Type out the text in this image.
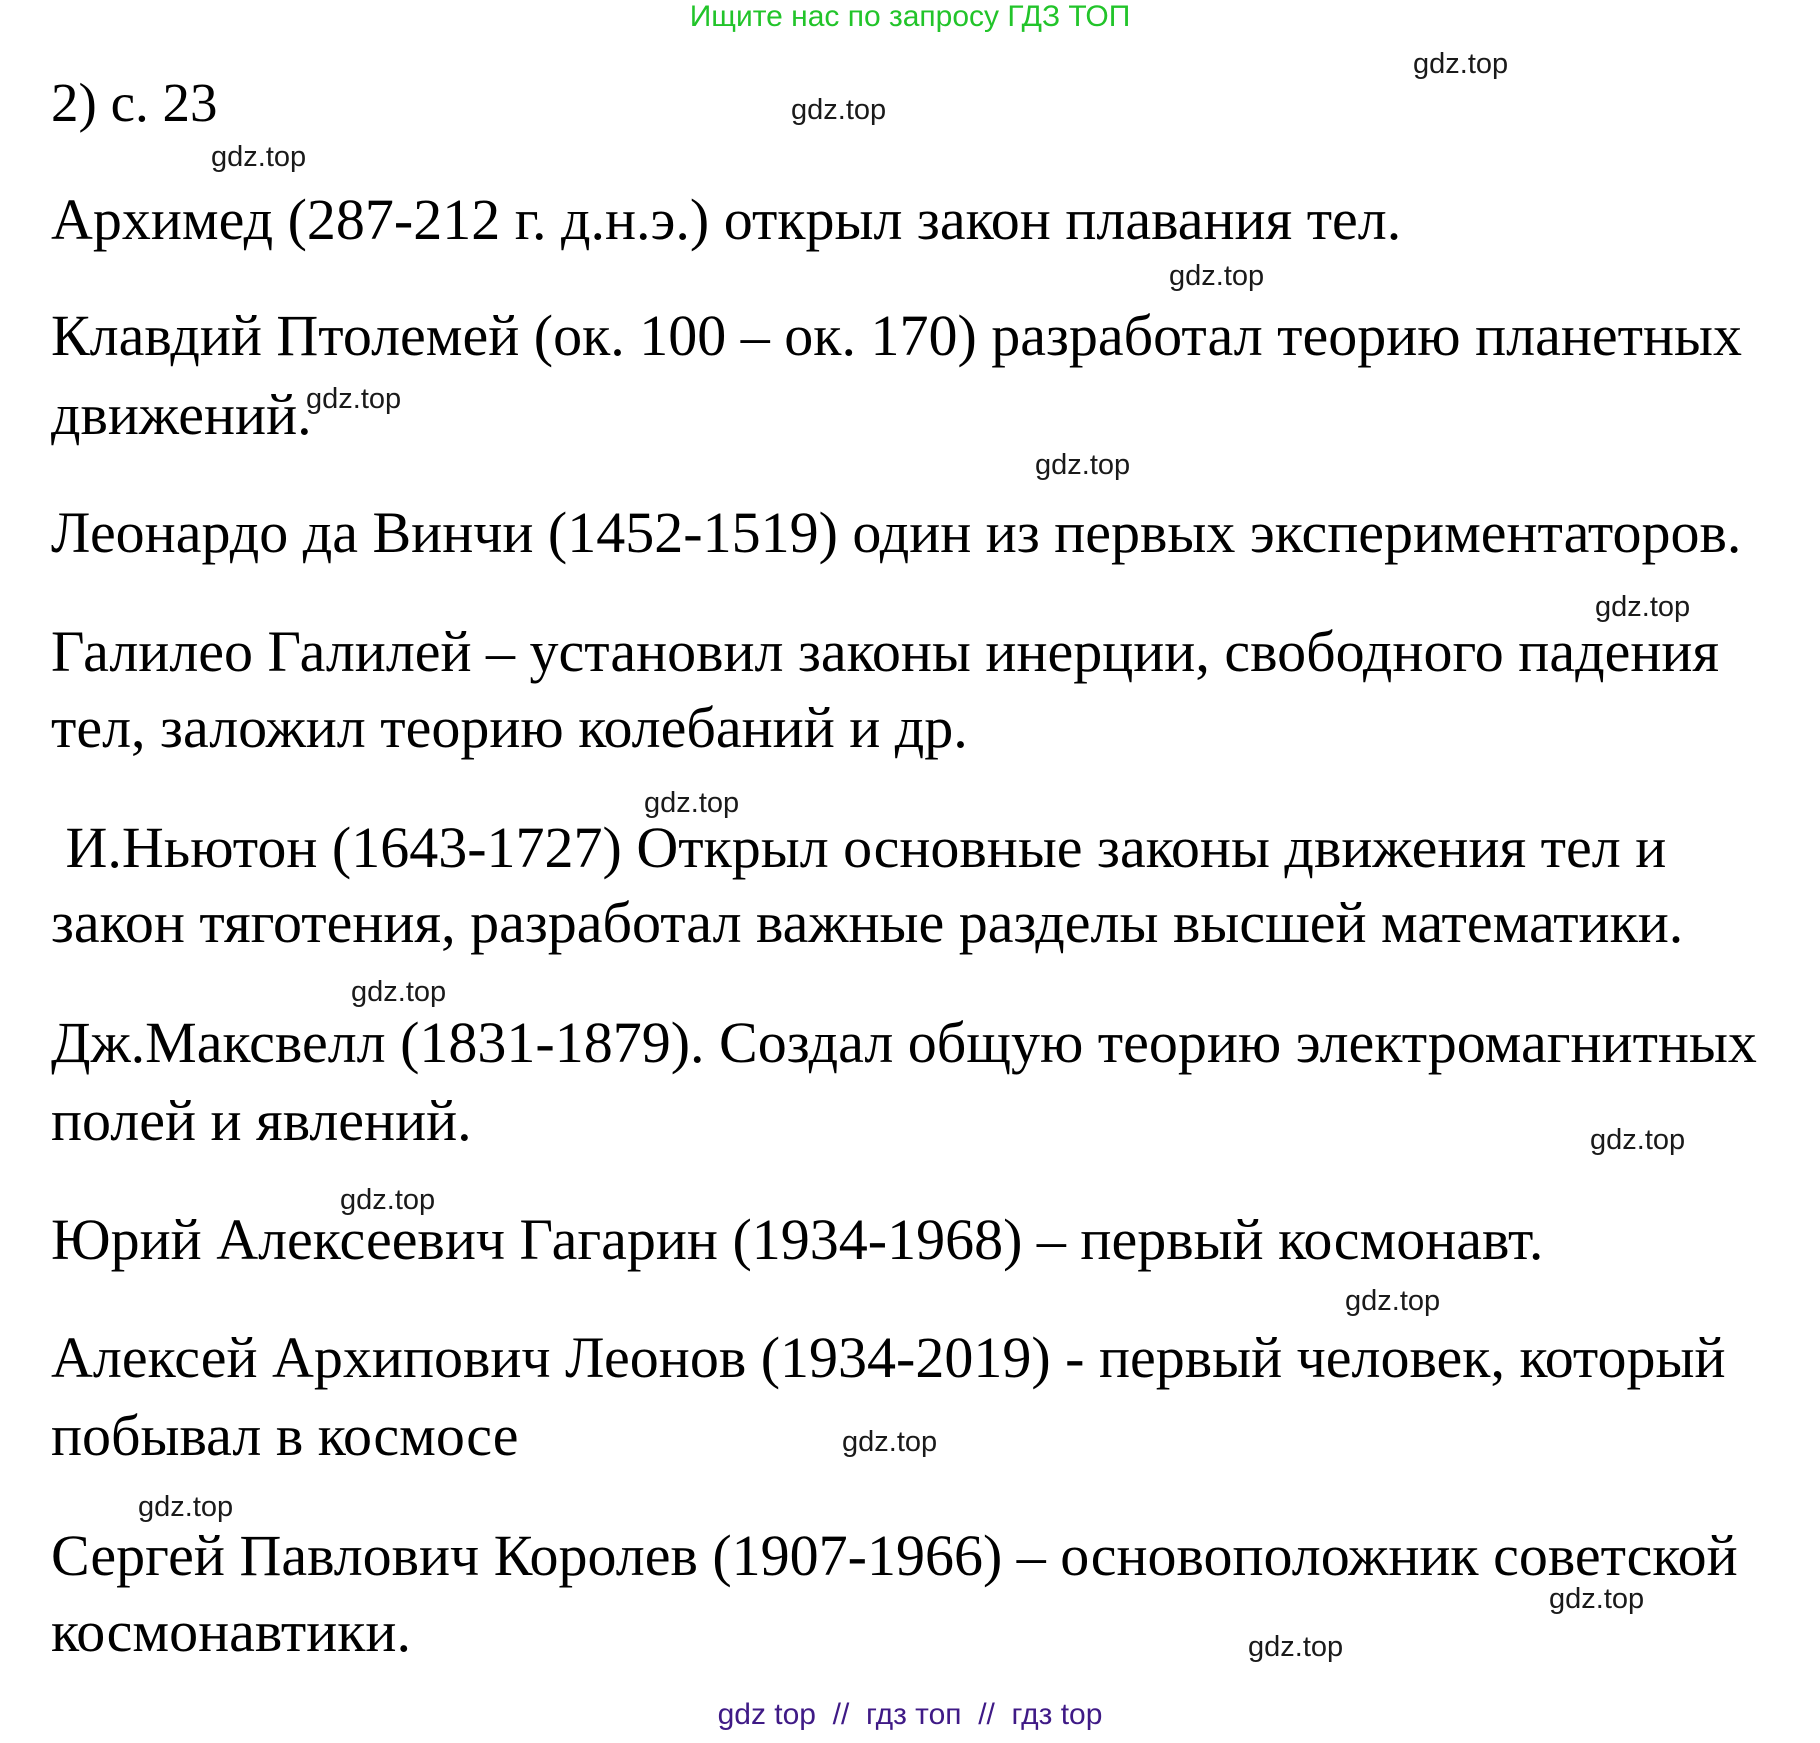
Ищите нас по запросу ГДЗ ТОП
2) с. 23
Архимед (287-212 г. д.н.э.) открыл закон плавания тел.
Клавдий Птолемей (ок. 100 – ок. 170) разработал теорию планетных
движений.
Леонардо да Винчи (1452-1519) один из первых экспериментаторов.
Галилео Галилей – установил законы инерции, свободного падения
тел, заложил теорию колебаний и др.
И.Ньютон (1643-1727) Открыл основные законы движения тел и
закон тяготения, разработал важные разделы высшей математики.
Дж.Максвелл (1831-1879). Создал общую теорию электромагнитных
полей и явлений.
Юрий Алексеевич Гагарин (1934-1968) – первый космонавт.
Алексей Архипович Леонов (1934-2019) - первый человек, который
побывал в космосе
Сергей Павлович Королев (1907-1966) – основоположник советской
космонавтики.
gdz.top
gdz.top
gdz.top
gdz.top
gdz.top
gdz.top
gdz.top
gdz.top
gdz.top
gdz.top
gdz.top
gdz.top
gdz.top
gdz.top
gdz.top
gdz.top
gdz top  //  гдз топ  //  гдз top
